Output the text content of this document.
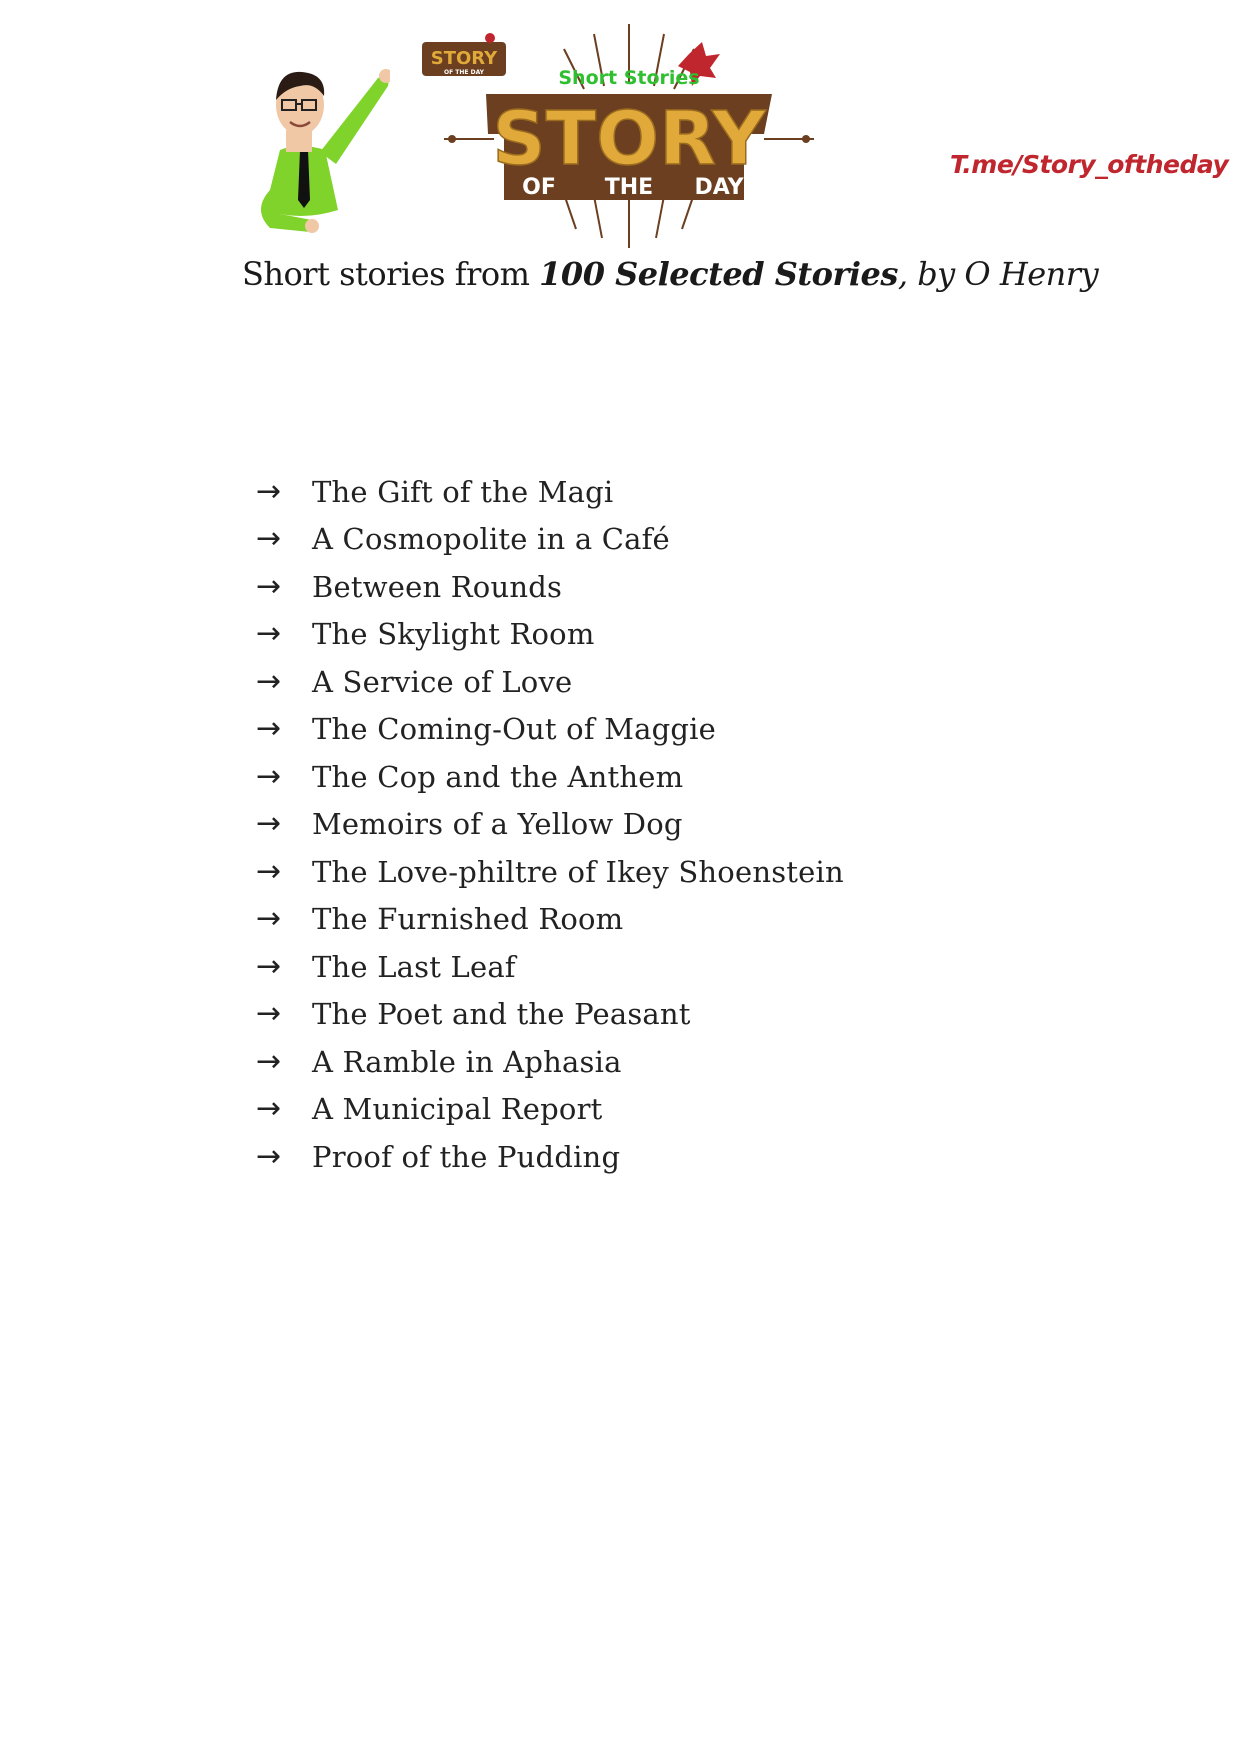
STORY
OF THE DAY	Short Stories
STORY
OF THE DAY
T.me/Story_oftheday
Short stories from 100 Selected Stories, by O Henry
→	The Gift of the Magi
→	A Cosmopolite in a Café
→	Between Rounds
→	The Skylight Room
→	A Service of Love
→	The Coming-Out of Maggie
→	The Cop and the Anthem
→	Memoirs of a Yellow Dog
→	The Love-philtre of Ikey Shoenstein
→	The Furnished Room
→	The Last Leaf
→	The Poet and the Peasant
→	A Ramble in Aphasia
→	A Municipal Report
→	Proof of the Pudding
